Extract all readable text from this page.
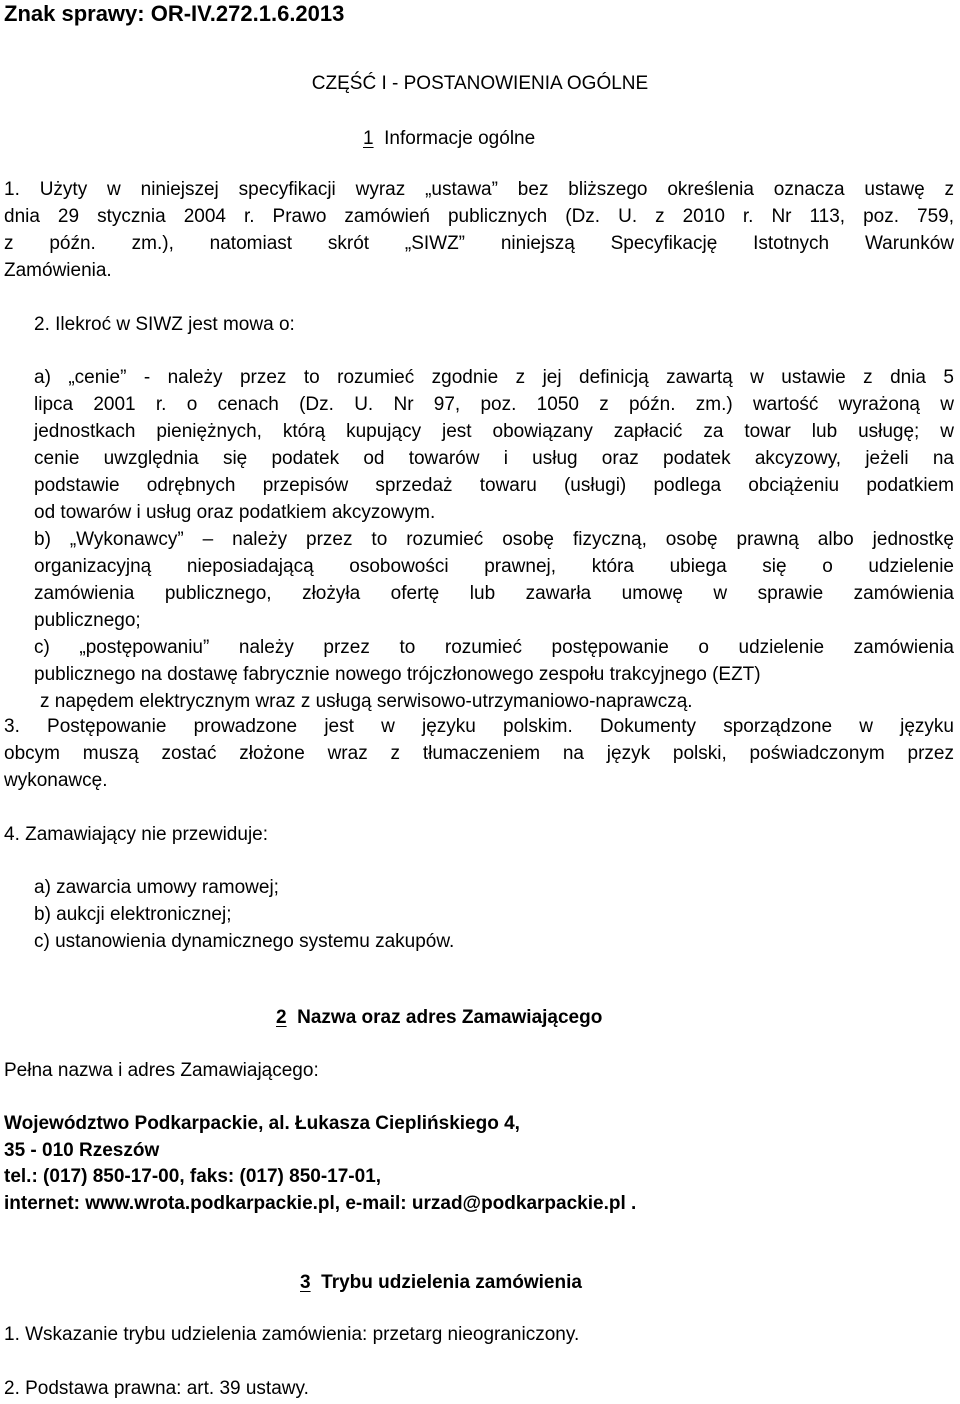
Znak sprawy: OR-IV.272.1.6.2013
CZĘŚĆ I - POSTANOWIENIA OGÓLNE
1 Informacje ogólne
1. Użyty w niniejszej specyfikacji wyraz „ustawa” bez bliższego określenia oznacza ustawę z
dnia 29 stycznia 2004 r. Prawo zamówień publicznych (Dz. U. z 2010 r. Nr 113, poz. 759,
z późn. zm.), natomiast skrót „SIWZ” niniejszą Specyfikację Istotnych Warunków
Zamówienia.
2. Ilekroć w SIWZ jest mowa o:
a) „cenie” - należy przez to rozumieć zgodnie z jej definicją zawartą w ustawie z dnia 5
lipca 2001 r. o cenach (Dz. U. Nr 97, poz. 1050 z późn. zm.) wartość wyrażoną w
jednostkach pieniężnych, którą kupujący jest obowiązany zapłacić za towar lub usługę; w
cenie uwzględnia się podatek od towarów i usług oraz podatek akcyzowy, jeżeli na
podstawie odrębnych przepisów sprzedaż towaru (usługi) podlega obciążeniu podatkiem
od towarów i usług oraz podatkiem akcyzowym.
b) „Wykonawcy” – należy przez to rozumieć osobę fizyczną, osobę prawną albo jednostkę
organizacyjną nieposiadającą osobowości prawnej, która ubiega się o udzielenie
zamówienia publicznego, złożyła ofertę lub zawarła umowę w sprawie zamówienia
publicznego;
c) „postępowaniu” należy przez to rozumieć postępowanie o udzielenie zamówienia
publicznego na dostawę fabrycznie nowego trójczłonowego zespołu trakcyjnego (EZT)
z napędem elektrycznym wraz z usługą serwisowo-utrzymaniowo-naprawczą.
3. Postępowanie prowadzone jest w języku polskim. Dokumenty sporządzone w języku
obcym muszą zostać złożone wraz z tłumaczeniem na język polski, poświadczonym przez
wykonawcę.
4. Zamawiający nie przewiduje:
a) zawarcia umowy ramowej;
b) aukcji elektronicznej;
c) ustanowienia dynamicznego systemu zakupów.
2 Nazwa oraz adres Zamawiającego
Pełna nazwa i adres Zamawiającego:
Województwo Podkarpackie, al. Łukasza Cieplińskiego 4,
35 - 010 Rzeszów
tel.: (017) 850-17-00, faks: (017) 850-17-01,
internet: www.wrota.podkarpackie.pl, e-mail: urzad@podkarpackie.pl .
3 Trybu udzielenia zamówienia
1. Wskazanie trybu udzielenia zamówienia: przetarg nieograniczony.
2. Podstawa prawna: art. 39 ustawy.
